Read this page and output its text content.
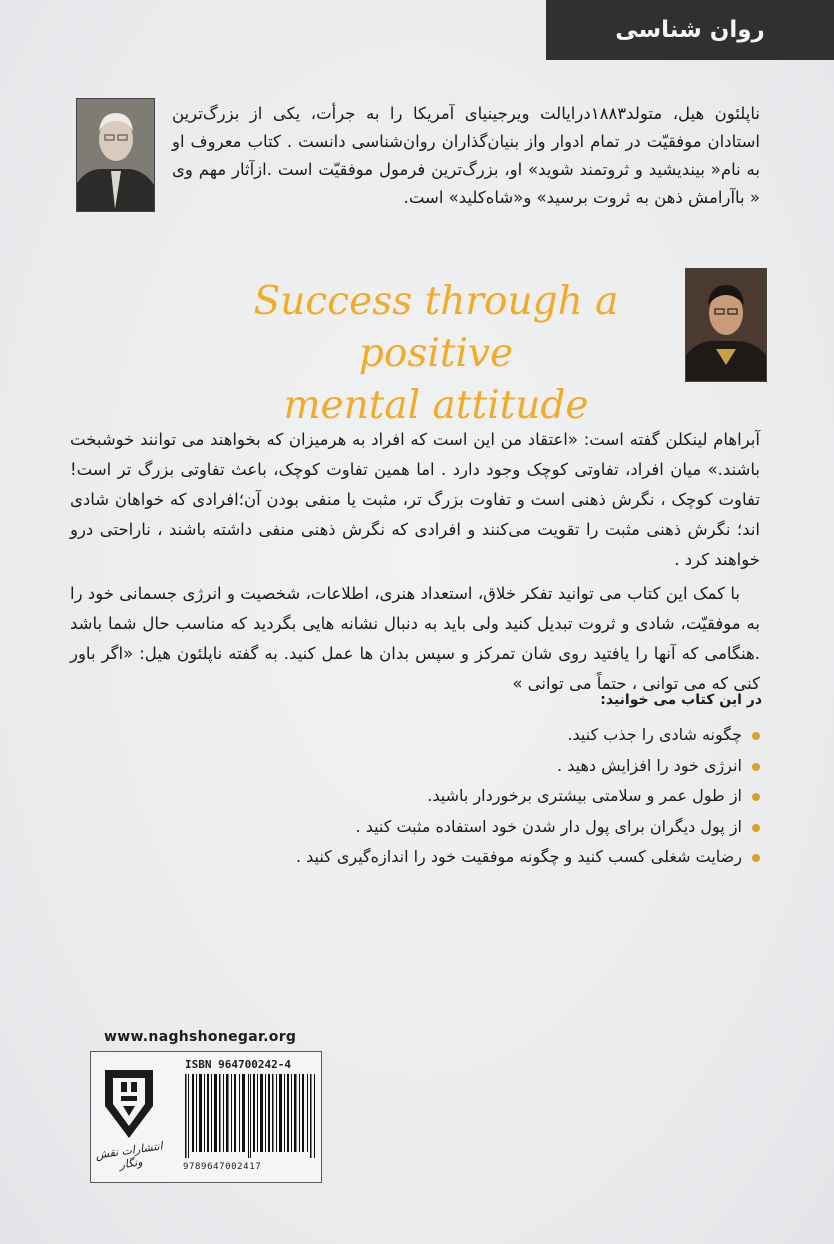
روان شناسی
ناپلئون هیل، متولد۱۸۸۳درایالت ویرجینیای آمریکا را به جرأت، یکی از بزرگ‌ترین استادان موفقیّت در تمام ادوار واز بنیان‌گذاران روان‌شناسی دانست . کتاب معروف او به نام« بیندیشید و ثروتمند شوید» او، بزرگ‌ترین فرمول موفقیّت است .ازآثار مهم وی « باآرامش ذهن به ثروت برسید» و«شاه‌کلید» است.
Success through a positive
mental attitude

آبراهام لینکلن گفته است: «اعتقاد من این است که افراد به هرمیزان که بخواهند می توانند خوشبخت باشند.» میان افراد، تفاوتی کوچک وجود دارد . اما همین تفاوت کوچک، باعث تفاوتی بزرگ تر است! تفاوت کوچک ، نگرش ذهنی است و تفاوت بزرگ تر، مثبت یا منفی بودن آن؛افرادی که خواهان شادی اند؛ نگرش ذهنی مثبت را تقویت می‌کنند و افرادی که نگرش ذهنی منفی داشته باشند ، ناراحتی درو خواهند کرد .

با کمک این کتاب می توانید تفکر خلاق، استعداد هنری، اطلاعات، شخصیت و انرژی جسمانی خود را به موفقیّت، شادی و ثروت تبدیل کنید ولی باید به دنبال نشانه هایی بگردید که مناسب حال شما باشد .هنگامی که آنها را یافتید روی شان تمرکز و سپس بدان ها عمل کنید. به گفته ناپلئون هیل: «اگر باور کنی که می توانی ، حتماً می توانی »

در این کتاب می خوانید:
چگونه شادی را جذب کنید.
انرژی خود را افزایش دهید .
از طول عمر و سلامتی بیشتری برخوردار باشید.
از پول دیگران برای پول دار شدن خود استفاده مثبت کنید .
رضایت شغلی کسب کنید و چگونه موفقیت خود را اندازه‌گیری کنید .
www.naghshonegar.org
انتشارات نقش ونگار
ISBN 964700242-4
9789647002417
